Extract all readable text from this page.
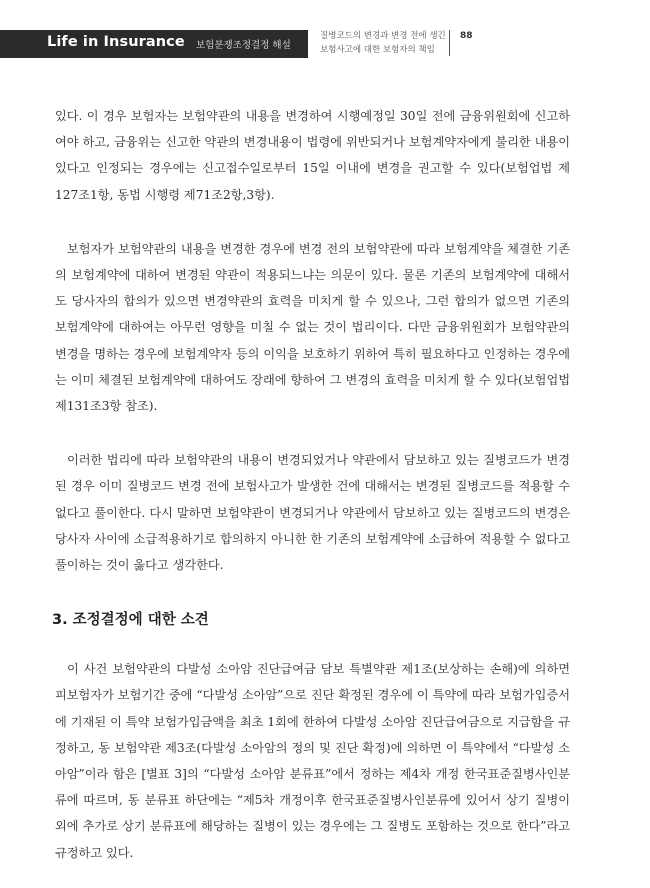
Life in Insurance 보험분쟁조정결정 해설
질병코드의 변경과 변경 전에 생긴
보험사고에 대한 보험자의 책임
88

있다. 이 경우 보험자는 보험약관의 내용을 변경하여 시행예정일 30일 전에 금융위원회에 신고하여야 하고, 금융위는 신고한 약관의 변경내용이 법령에 위반되거나 보험계약자에게 불리한 내용이 있다고 인정되는 경우에는 신고접수일로부터 15일 이내에 변경을 권고할 수 있다(보험업법 제127조1항, 동법 시행령 제71조2항,3항).

보험자가 보험약관의 내용을 변경한 경우에 변경 전의 보험약관에 따라 보험계약을 체결한 기존의 보험계약에 대하여 변경된 약관이 적용되느냐는 의문이 있다. 물론 기존의 보험계약에 대해서도 당사자의 합의가 있으면 변경약관의 효력을 미치게 할 수 있으나, 그런 합의가 없으면 기존의 보험계약에 대하여는 아무런 영향을 미칠 수 없는 것이 법리이다. 다만 금융위원회가 보험약관의 변경을 명하는 경우에 보험계약자 등의 이익을 보호하기 위하여 특히 필요하다고 인정하는 경우에는 이미 체결된 보험계약에 대하여도 장래에 향하여 그 변경의 효력을 미치게 할 수 있다(보험업법 제131조3항 참조).

이러한 법리에 따라 보험약관의 내용이 변경되었거나 약관에서 담보하고 있는 질병코드가 변경된 경우 이미 질병코드 변경 전에 보험사고가 발생한 건에 대해서는 변경된 질병코드를 적용할 수 없다고 풀이한다. 다시 말하면 보험약관이 변경되거나 약관에서 담보하고 있는 질병코드의 변경은 당사자 사이에 소급적용하기로 합의하지 아니한 한 기존의 보험계약에 소급하여 적용할 수 없다고 풀이하는 것이 옳다고 생각한다.

3. 조정결정에 대한 소견

이 사건 보험약관의 다발성 소아암 진단급여금 담보 특별약관 제1조(보상하는 손해)에 의하면 피보험자가 보험기간 중에 “다발성 소아암”으로 진단 확정된 경우에 이 특약에 따라 보험가입증서에 기재된 이 특약 보험가입금액을 최초 1회에 한하여 다발성 소아암 진단급여금으로 지급함을 규정하고, 동 보험약관 제3조(다발성 소아암의 정의 및 진단 확정)에 의하면 이 특약에서 “다발성 소아암”이라 함은 [별표 3]의 “다발성 소아암 분류표”에서 정하는 제4차 개정 한국표준질병사인분류에 따르며, 동 분류표 하단에는 “제5차 개정이후 한국표준질병사인분류에 있어서 상기 질병이외에 추가로 상기 분류표에 해당하는 질병이 있는 경우에는 그 질병도 포함하는 것으로 한다”라고 규정하고 있다.
